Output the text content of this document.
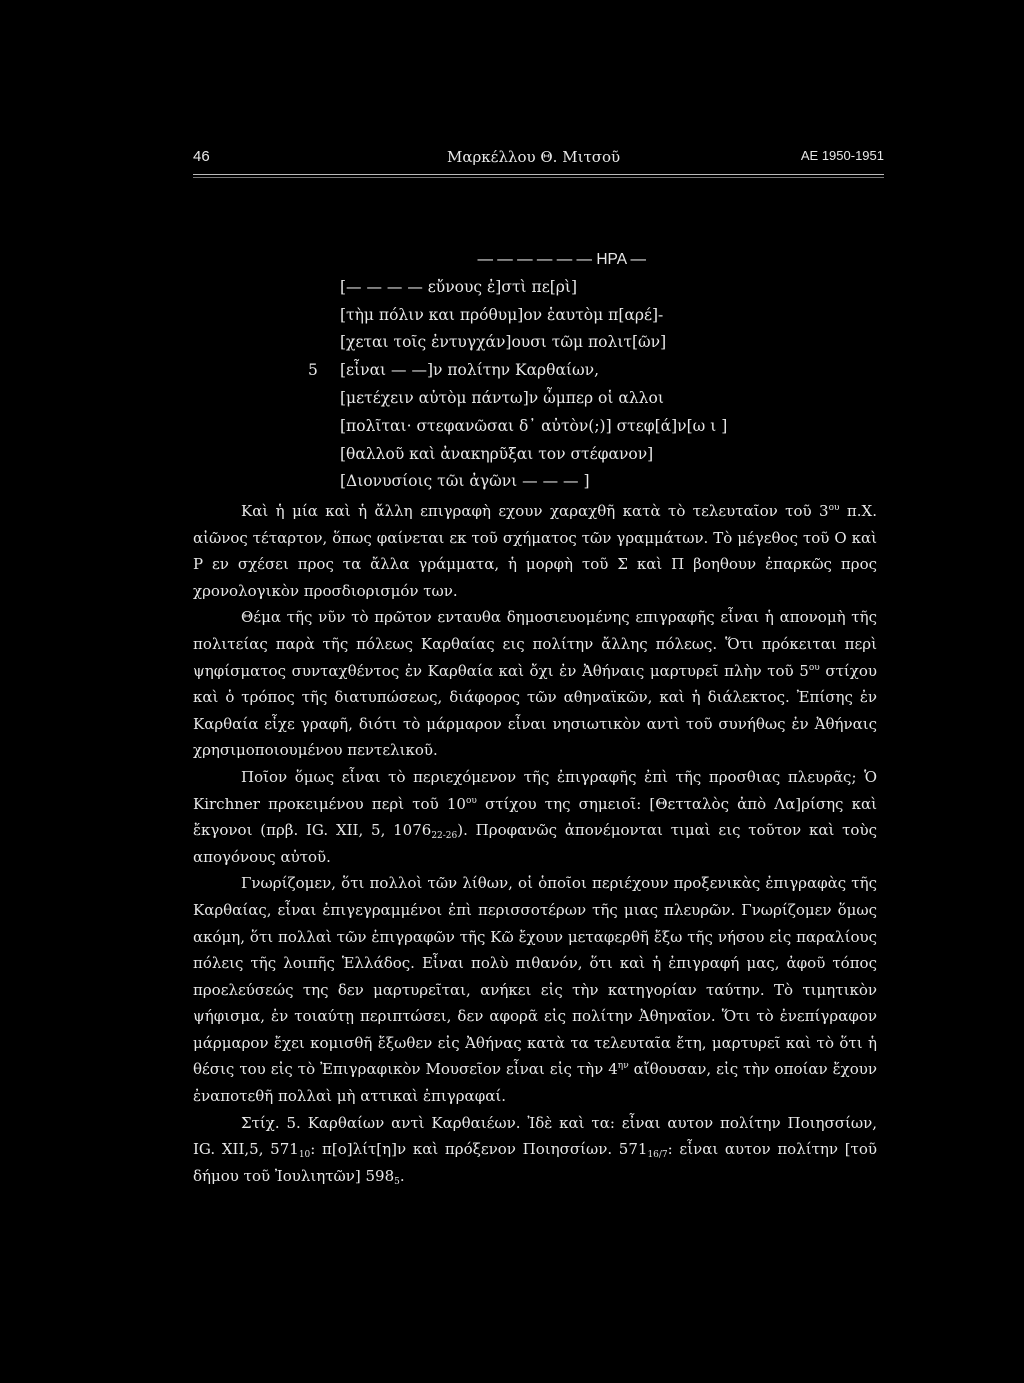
46	Μαρκέλλου Θ. Μιτσοῦ	ΑΕ 1950-1951
— — — — — — ΗΡΑ —
[— — — — εὔνους ἐ]στὶ πε[ρὶ]
[τὴμ πόλιν και πρόθυμ]ον ἑαυτὸμ π[αρέ]-
[χεται τοῖς ἐντυγχάν]ουσι τῶμ πολιτ[ῶν]
5 [εἶναι — —]ν πολίτην Καρθαίων,
[μετέχειν αὐτὸμ πάντω]ν ὦμπερ οἱ αλλοι
[πολῖται· στεφανῶσαι δ᾽ αὐτὸν(;)] στεφ[ά]ν[ω ι ]
[θαλλοῦ καὶ ἀνακηρῦξαι τον στέφανον]
[Διονυσίοις τῶι ἀγῶνι — — — ]

Καὶ ἡ μία καὶ ἡ ἄλλη επιγραφὴ εχουν χαραχθῆ κατὰ τὸ τελευταῖον τοῦ $3^{o\upsilon}$ π.Χ. αἰῶνος τέταρτον, ὅπως φαίνεται εκ τοῦ σχήματος τῶν γραμμάτων. Τὸ μέγεθος τοῦ Ο καὶ Ρ εν σχέσει προς τα ἄλλα γράμματα, ἡ μορφὴ τοῦ Σ καὶ Π βοηθουν ἐπαρκῶς προς χρονολογικὸν προσδιορισμόν των.

Θέμα τῆς νῦν τὸ πρῶτον ενταυθα δημοσιευομένης επιγραφῆς εἶναι ἡ απονομὴ τῆς πολιτείας παρὰ τῆς πόλεως Καρθαίας εις πολίτην ἄλλης πόλεως. Ὅτι πρόκειται περὶ ψηφίσματος συνταχθέντος ἐν Καρθαία καὶ ὄχι ἐν Ἀθήναις μαρτυρεῖ πλὴν τοῦ $5^{o\upsilon}$ στίχου καὶ ὁ τρόπος τῆς διατυπώσεως, διάφορος τῶν αθηναϊκῶν, καὶ ἡ διάλεκτος. Ἐπίσης ἐν Καρθαία εἶχε γραφῆ, διότι τὸ μάρμαρον εἶναι νησιωτικὸν αντὶ τοῦ συνήθως ἐν Ἀθήναις χρησιμοποιουμένου πεντελικοῦ.

Ποῖον ὅμως εἶναι τὸ περιεχόμενον τῆς ἐπιγραφῆς ἐπὶ τῆς προσθιας πλευρᾶς; Ὁ Kirchner προκειμένου περὶ τοῦ $10^{o\upsilon}$ στίχου της σημειοῖ: [Θετταλὸς ἀπὸ Λα]ρίσης καὶ ἔκγονοι (πρβ. IG. XII, 5, $1076_{22-26}$). Προφανῶς ἀπονέμονται τιμαὶ εις τοῦτον καὶ τοὺς απογόνους αὐτοῦ.

Γνωρίζομεν, ὅτι πολλοὶ τῶν λίθων, οἱ ὁποῖοι περιέχουν προξενικὰς ἐπιγραφὰς τῆς Καρθαίας, εἶναι ἐπιγεγραμμένοι ἐπὶ περισσοτέρων τῆς μιας πλευρῶν. Γνωρίζομεν ὅμως ακόμη, ὅτι πολλαὶ τῶν ἐπιγραφῶν τῆς Κῶ ἔχουν μεταφερθῆ ἔξω τῆς νήσου εἰς παραλίους πόλεις τῆς λοιπῆς Ἑλλάδος. Εἶναι πολὺ πιθανόν, ὅτι καὶ ἡ ἐπιγραφή μας, ἀφοῦ τόπος προελεύσεώς της δεν μαρτυρεῖται, ανήκει εἰς τὴν κατηγορίαν ταύτην. Τὸ τιμητικὸν ψήφισμα, ἐν τοιαύτῃ περιπτώσει, δεν αφορᾶ εἰς πολίτην Ἀθηναῖον. Ὅτι τὸ ἐνεπίγραφον μάρμαρον ἔχει κομισθῆ ἔξωθεν εἰς Ἀθήνας κατὰ τα τελευταῖα ἔτη, μαρτυρεῖ καὶ τὸ ὅτι ἡ θέσις του εἰς τὸ Ἐπιγραφικὸν Μουσεῖον εἶναι εἰς τὴν $4^{\eta\nu}$ αἴθουσαν, εἰς τὴν οποίαν ἔχουν ἐναποτεθῆ πολλαὶ μὴ αττικαὶ ἐπιγραφαί.

Στίχ. 5. Καρθαίων αντὶ Καρθαιέων. Ἰδὲ καὶ τα: εἶναι αυτον πολίτην Ποιησσίων, IG. XII,5, $571_{10}$: π[ο]λίτ[η]ν καὶ πρόξενον Ποιησσίων. $571_{16/7}$: εἶναι αυτον πολίτην [τοῦ δήμου τοῦ Ἰουλιητῶν] $598_5$.
